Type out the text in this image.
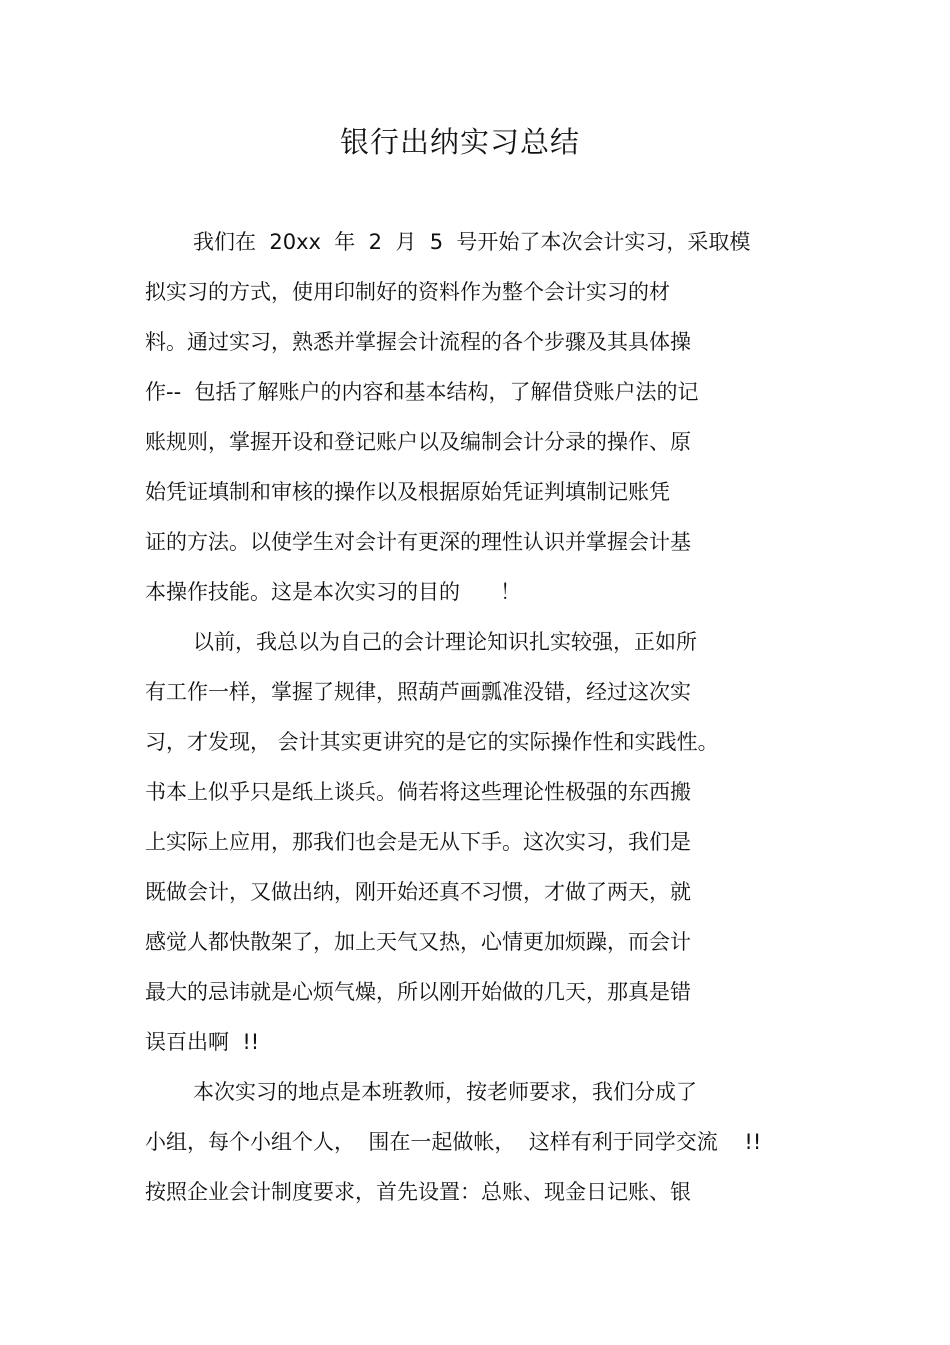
银行出纳实习总结

我们在  20xx  年  2  月  5  号开始了本次会计实习，采取模

拟实习的方式，使用印制好的资料作为整个会计实习的材

料。通过实习，熟悉并掌握会计流程的各个步骤及其具体操

作--  包括了解账户的内容和基本结构，了解借贷账户法的记

账规则，掌握开设和登记账户以及编制会计分录的操作、原

始凭证填制和审核的操作以及根据原始凭证判填制记账凭

证的方法。以使学生对会计有更深的理性认识并掌握会计基

本操作技能。这是本次实习的目的      ！

以前，我总以为自己的会计理论知识扎实较强，正如所

有工作一样，掌握了规律，照葫芦画瓢准没错，经过这次实

习，才发现， 会计其实更讲究的是它的实际操作性和实践性。

书本上似乎只是纸上谈兵。倘若将这些理论性极强的东西搬

上实际上应用，那我们也会是无从下手。这次实习，我们是

既做会计，又做出纳，刚开始还真不习惯，才做了两天，就

感觉人都快散架了，加上天气又热，心情更加烦躁，而会计

最大的忌讳就是心烦气燥，所以刚开始做的几天，那真是错

误百出啊  !!

本次实习的地点是本班教师，按老师要求，我们分成了

小组，每个小组个人，  围在一起做帐，  这样有利于同学交流    !!

按照企业会计制度要求，首先设置：总账、现金日记账、银
